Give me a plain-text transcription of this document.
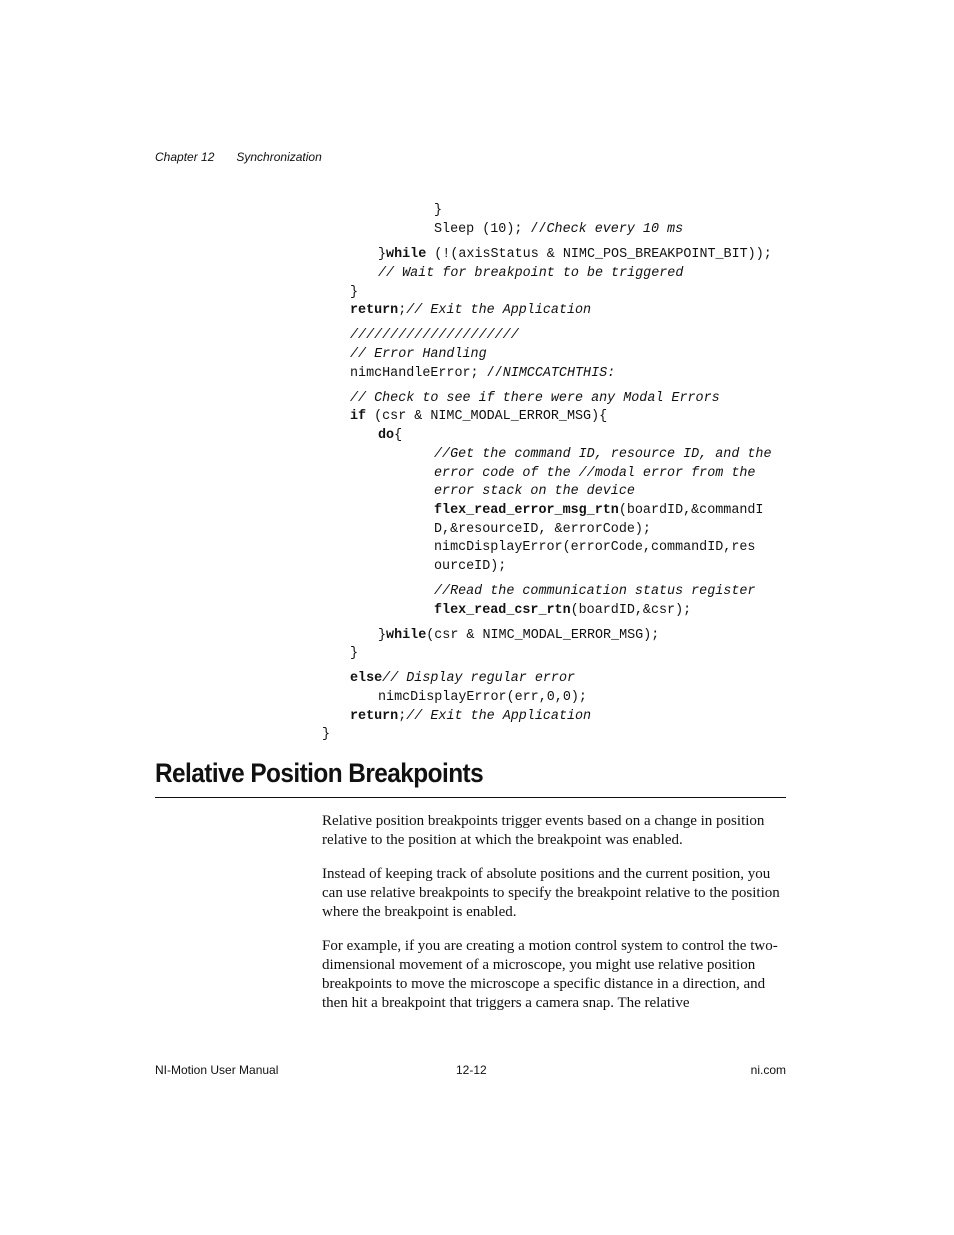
Chapter 12 Synchronization
}
Sleep (10); //Check every 10 ms
}while (!(axisStatus & NIMC_POS_BREAKPOINT_BIT));
// Wait for breakpoint to be triggered
}
return;// Exit the Application
/////////////////////
// Error Handling
nimcHandleError; //NIMCCATCHTHIS:
// Check to see if there were any Modal Errors
if (csr & NIMC_MODAL_ERROR_MSG){
do{
//Get the command ID, resource ID, and the
error code of the //modal error from the
error stack on the device
flex_read_error_msg_rtn(boardID,&commandI
D,&resourceID, &errorCode);
nimcDisplayError(errorCode,commandID,res
ourceID);
//Read the communication status register
flex_read_csr_rtn(boardID,&csr);
}while(csr & NIMC_MODAL_ERROR_MSG);
}
else// Display regular error
nimcDisplayError(err,0,0);
return;// Exit the Application
}
Relative Position Breakpoints

Relative position breakpoints trigger events based on a change in position relative to the position at which the breakpoint was enabled.

Instead of keeping track of absolute positions and the current position, you can use relative breakpoints to specify the breakpoint relative to the position where the breakpoint is enabled.

For example, if you are creating a motion control system to control the two-dimensional movement of a microscope, you might use relative position breakpoints to move the microscope a specific distance in a direction, and then hit a breakpoint that triggers a camera snap. The relative

NI-Motion User Manual	12-12	ni.com
